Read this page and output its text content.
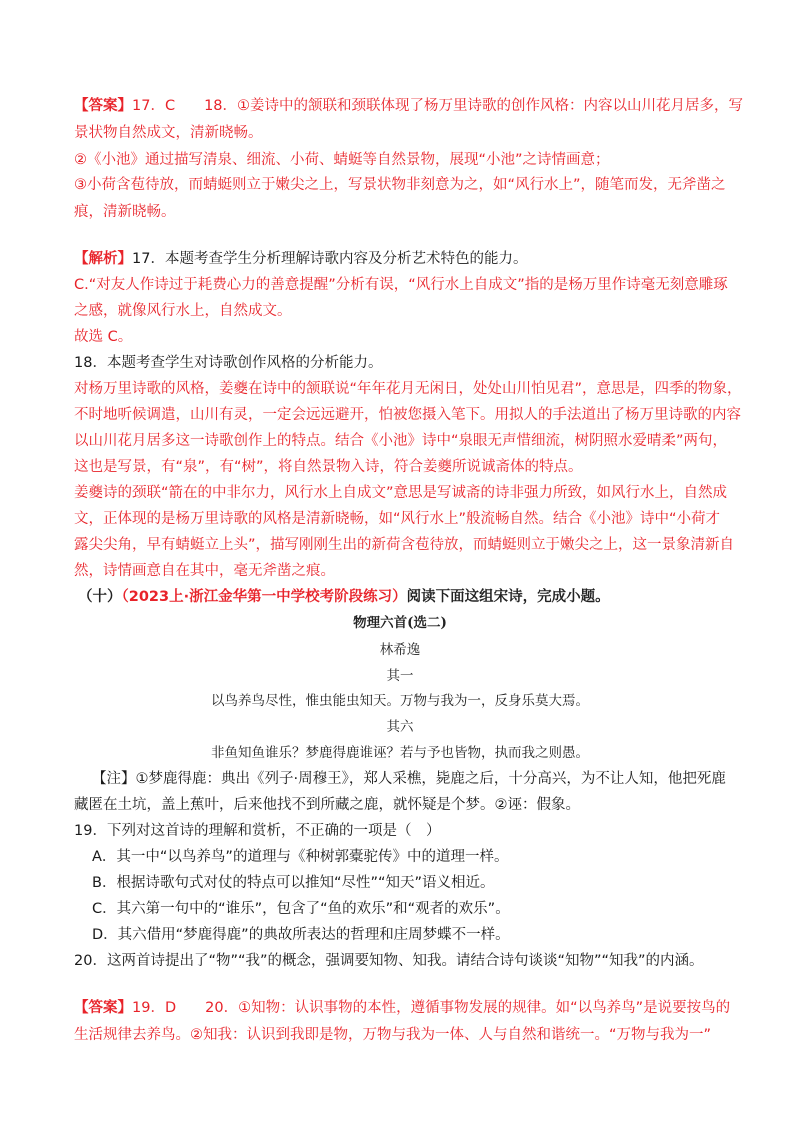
【答案】17．C　　18．①姜诗中的颔联和颈联体现了杨万里诗歌的创作风格：内容以山川花月居多，写
景状物自然成文，清新晓畅。
②《小池》通过描写清泉、细流、小荷、蜻蜓等自然景物，展现“小池”之诗情画意；
③小荷含苞待放，而蜻蜓则立于嫩尖之上，写景状物非刻意为之，如“风行水上”，随笔而发，无斧凿之
痕，清新晓畅。
【解析】17．本题考查学生分析理解诗歌内容及分析艺术特色的能力。
C.“对友人作诗过于耗费心力的善意提醒”分析有误，“风行水上自成文”指的是杨万里作诗毫无刻意雕琢
之感，就像风行水上，自然成文。
故选 C。
18．本题考查学生对诗歌创作风格的分析能力。
对杨万里诗歌的风格，姜夔在诗中的颔联说“年年花月无闲日，处处山川怕见君”，意思是，四季的物象，
不时地听候调遣，山川有灵，一定会远远避开，怕被您摄入笔下。用拟人的手法道出了杨万里诗歌的内容
以山川花月居多这一诗歌创作上的特点。结合《小池》诗中“泉眼无声惜细流，树阴照水爱晴柔”两句，
这也是写景，有“泉”，有“树”，将自然景物入诗，符合姜夔所说诚斋体的特点。
姜夔诗的颈联“箭在的中非尔力，风行水上自成文”意思是写诚斋的诗非强力所致，如风行水上，自然成
文，正体现的是杨万里诗歌的风格是清新晓畅，如“风行水上”般流畅自然。结合《小池》诗中“小荷才
露尖尖角，早有蜻蜓立上头”，描写刚刚生出的新荷含苞待放，而蜻蜓则立于嫩尖之上，这一景象清新自
然，诗情画意自在其中，毫无斧凿之痕。
（十）（2023上·浙江金华第一中学校考阶段练习）阅读下面这组宋诗，完成小题。
物理六首(选二)
林希逸
其一
以鸟养鸟尽性，惟虫能虫知天。万物与我为一，反身乐莫大焉。
其六
非鱼知鱼谁乐？梦鹿得鹿谁诬？若与予也皆物，执而我之则愚。
【注】①梦鹿得鹿：典出《列子·周穆王》，郑人采樵，毙鹿之后，十分高兴，为不让人知，他把死鹿
藏匿在土坑，盖上蕉叶，后来他找不到所藏之鹿，就怀疑是个梦。②诬：假象。
19．下列对这首诗的理解和赏析，不正确的一项是（　）
A．其一中“以鸟养鸟”的道理与《种树郭橐驼传》中的道理一样。
B．根据诗歌句式对仗的特点可以推知“尽性”“知天”语义相近。
C．其六第一句中的“谁乐”，包含了“鱼的欢乐”和“观者的欢乐”。
D．其六借用“梦鹿得鹿”的典故所表达的哲理和庄周梦蝶不一样。
20．这两首诗提出了“物”“我”的概念，强调要知物、知我。请结合诗句谈谈“知物”“知我”的内涵。
【答案】19．D　　20．①知物：认识事物的本性，遵循事物发展的规律。如“以鸟养鸟”是说要按鸟的
生活规律去养鸟。②知我：认识到我即是物，万物与我为一体、人与自然和谐统一。“万物与我为一”
